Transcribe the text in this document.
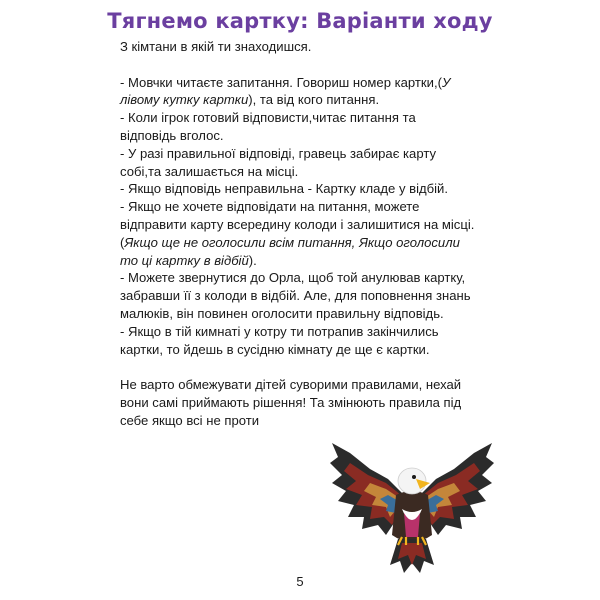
Тягнемо картку: Варіанти ходу
З кімтани в якій ти знаходишся.
- Мовчки читаєте запитання. Говориш номер картки,(У
лівому кутку картки), та від кого питання.
- Коли ігрок готовий відповисти,читає питання та
відповідь вголос.
- У разі правильної відповіді, гравець забирає карту
собі,та залишається на місці.
- Якщо відповідь неправильна - Картку кладе у відбій.
- Якщо не хочете відповідати на питання, можете
відправити карту всередину колоди і залишитися на місці.
(Якщо ще не оголосили всім питання, Якщо оголосили
то ці картку в відбій).
- Можете звернутися до Орла, щоб той анулював картку,
забравши її з колоди в відбій. Але, для поповнення знань
малюків, він повинен оголосити правильну відповідь.
- Якщо в тій кимнаті у котру ти потрапив закінчились
картки, то йдешь в сусідню кімнату де ще є картки.
Не варто обмежувати дітей суворими правилами, нехай
вони самі приймають рішення! Та змінюють правила під
себе якщо всі не проти
5
